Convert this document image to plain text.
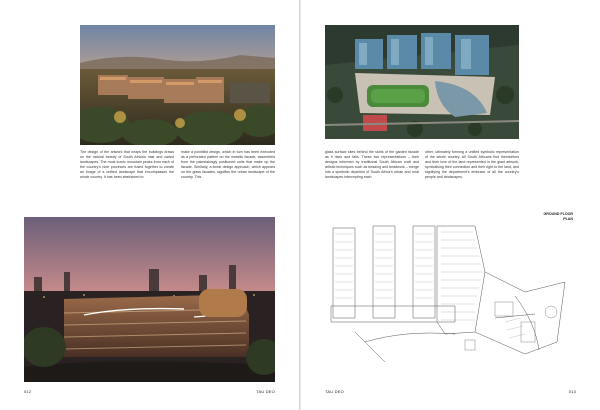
The design of the artwork that wraps the buildings draws on the natural beauty of South Africa's vast and varied landscapes. The most iconic mountain peaks from each of the country's nine provinces are fused together to create an image of a unified landscape that encompasses the whole country. It has been abstracted to
make a pointillist design, which in turn has been executed as a perforated pattern on the metallic facade, assembled from the painstakingly positioned units that make up the facade. Similarly, a linear design approach, which appears on the glass facades, signifies the urban landscape of the country. This
012	TAU DEO
glass surface sites behind the skirts of the garden facade as it rises and falls. These two representations – their designs informed by traditional South African craft and artistic techniques such as beading and beadwork – merge into a symbolic depiction of South Africa's urban and rural landscapes intercepting each
other, ultimately forming a unified symbolic representation of the whole country. All South Africans find themselves and their love of the land represented in the giant artwork, symbolising their connection and their right to the land, and signifying the department's embrace of all the country's people and landscapes.
GROUND FLOOR
PLAN
TAU DEO	013
